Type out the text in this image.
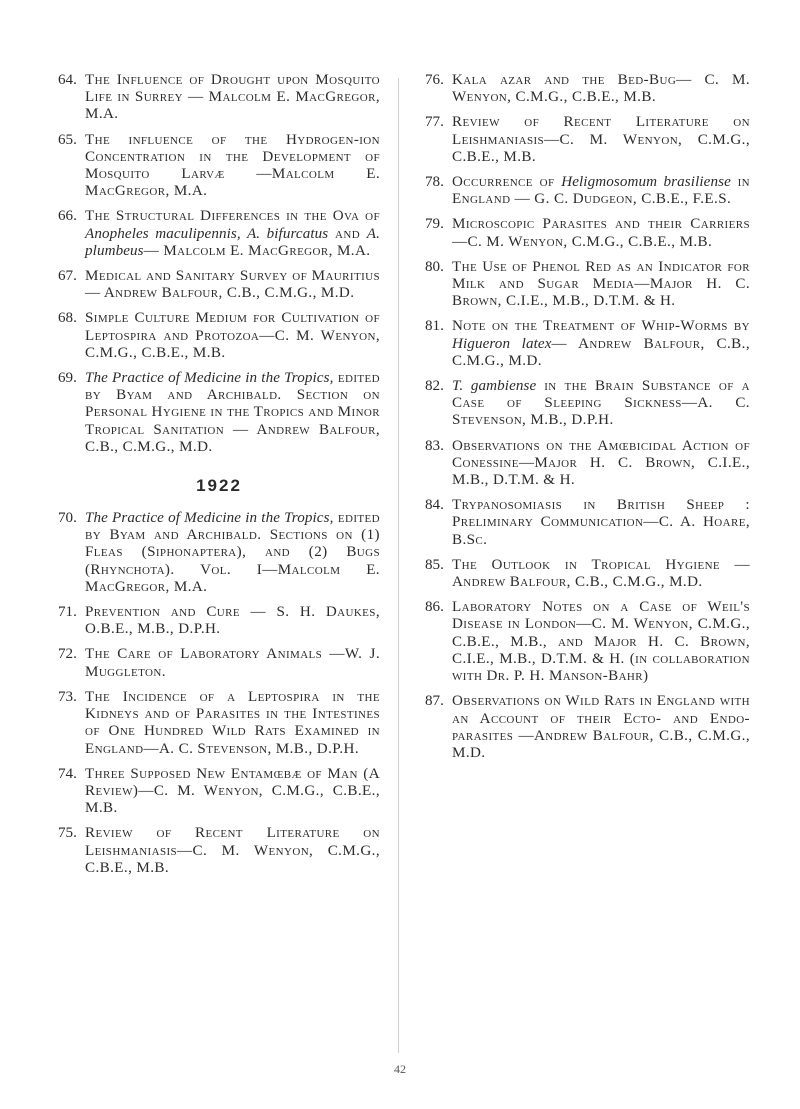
64. The Influence of Drought upon Mosquito Life in Surrey — Malcolm E. MacGregor, M.A.
65. The influence of the Hydrogen-ion Concentration in the Development of Mosquito Larvæ —Malcolm E. MacGregor, M.A.
66. The Structural Differences in the Ova of Anopheles maculipennis, A. bifurcatus and A. plumbeus— Malcolm E. MacGregor, M.A.
67. Medical and Sanitary Survey of Mauritius — Andrew Balfour, C.B., C.M.G., M.D.
68. Simple Culture Medium for Cultivation of Leptospira and Protozoa—C. M. Wenyon, C.M.G., C.B.E., M.B.
69. The Practice of Medicine in the Tropics, edited by Byam and Archibald. Section on Personal Hygiene in the Tropics and Minor Tropical Sanitation — Andrew Balfour, C.B., C.M.G., M.D.
1922
70. The Practice of Medicine in the Tropics, edited by Byam and Archibald. Sections on (1) Fleas (Siphonaptera), and (2) Bugs (Rhynchota). Vol. I—Malcolm E. MacGregor, M.A.
71. Prevention and Cure — S. H. Daukes, O.B.E., M.B., D.P.H.
72. The Care of Laboratory Animals —W. J. Muggleton.
73. The Incidence of a Leptospira in the Kidneys and of Parasites in the Intestines of One Hundred Wild Rats Examined in England—A. C. Stevenson, M.B., D.P.H.
74. Three Supposed New Entamœbæ of Man (A Review)—C. M. Wenyon, C.M.G., C.B.E., M.B.
75. Review of Recent Literature on Leishmaniasis—C. M. Wenyon, C.M.G., C.B.E., M.B.
76. Kala azar and the Bed-Bug— C. M. Wenyon, C.M.G., C.B.E., M.B.
77. Review of Recent Literature on Leishmaniasis—C. M. Wenyon, C.M.G., C.B.E., M.B.
78. Occurrence of Heligmosomum brasiliense in England — G. C. Dudgeon, C.B.E., F.E.S.
79. Microscopic Parasites and their Carriers—C. M. Wenyon, C.M.G., C.B.E., M.B.
80. The Use of Phenol Red as an Indicator for Milk and Sugar Media—Major H. C. Brown, C.I.E., M.B., D.T.M. & H.
81. Note on the Treatment of Whip-Worms by Higueron latex— Andrew Balfour, C.B., C.M.G., M.D.
82. T. gambiense in the Brain Substance of a Case of Sleeping Sickness—A. C. Stevenson, M.B., D.P.H.
83. Observations on the Amœbicidal Action of Conessine—Major H. C. Brown, C.I.E., M.B., D.T.M. & H.
84. Trypanosomiasis in British Sheep : Preliminary Communication—C. A. Hoare, B.Sc.
85. The Outlook in Tropical Hygiene —Andrew Balfour, C.B., C.M.G., M.D.
86. Laboratory Notes on a Case of Weil's Disease in London—C. M. Wenyon, C.M.G., C.B.E., M.B., and Major H. C. Brown, C.I.E., M.B., D.T.M. & H. (in collaboration with Dr. P. H. Manson-Bahr)
87. Observations on Wild Rats in England with an Account of their Ecto- and Endo-parasites —Andrew Balfour, C.B., C.M.G., M.D.
42
